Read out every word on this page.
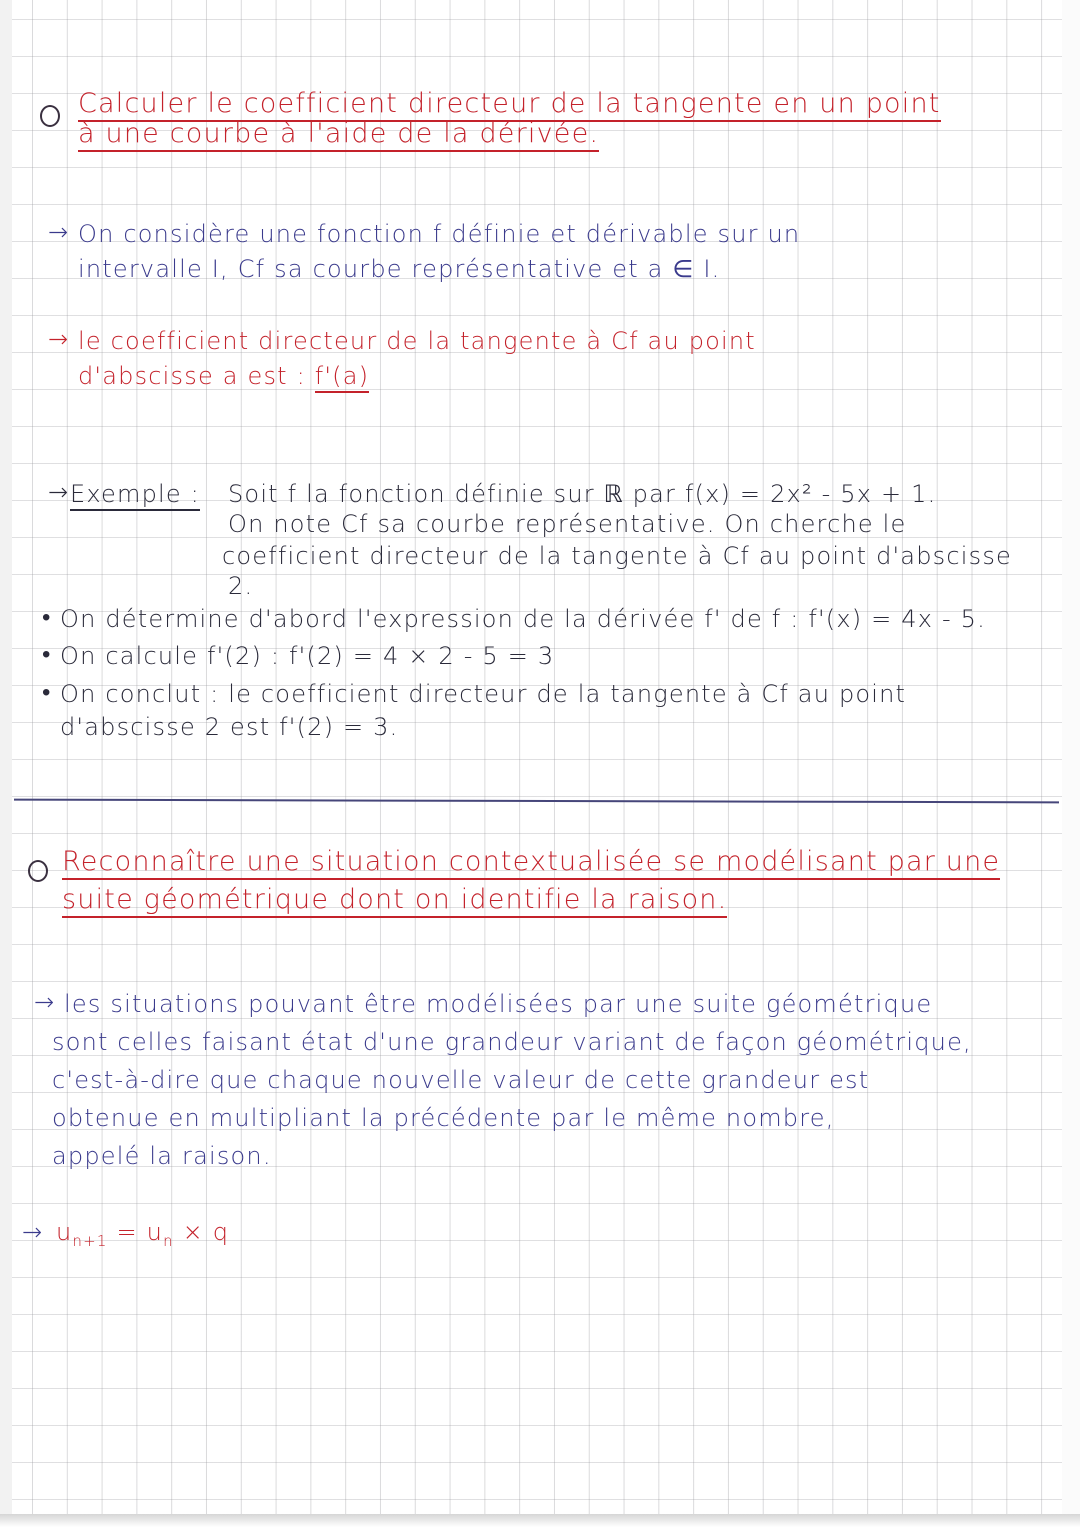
Calculer le coefficient directeur de la tangente en un point
à une courbe à l'aide de la dérivée.
→ On considère une fonction f définie et dérivable sur un
intervalle I, Cf sa courbe représentative et a ∈ I.
→ le coefficient directeur de la tangente à Cf au point
d'abscisse a est : f'(a)
→ Exemple : Soit f la fonction définie sur ℝ par f(x) = 2x² - 5x + 1.
On note Cf sa courbe représentative. On cherche le
coefficient directeur de la tangente à Cf au point d'abscisse
2.
• On détermine d'abord l'expression de la dérivée f' de f : f'(x) = 4x - 5.
• On calcule f'(2) : f'(2) = 4 × 2 - 5 = 3
• On conclut : le coefficient directeur de la tangente à Cf au point
d'abscisse 2 est f'(2) = 3.
Reconnaître une situation contextualisée se modélisant par une
suite géométrique dont on identifie la raison.
→ les situations pouvant être modélisées par une suite géométrique
sont celles faisant état d'une grandeur variant de façon géométrique,
c'est-à-dire que chaque nouvelle valeur de cette grandeur est
obtenue en multipliant la précédente par le même nombre,
appelé la raison.
→ $u_{n+1} = u_n \times q$
